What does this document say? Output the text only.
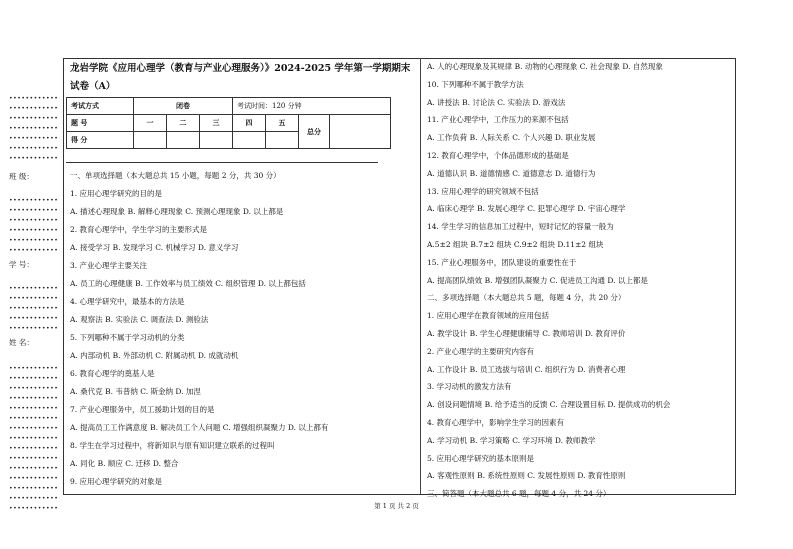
••••••••••••
••••••••••••
••••••••••••
••••••••••••
••••••••••••
••••••••••••
••••••••••••
班 级：
••••••••••••
••••••••••••
••••••••••••
••••••••••••
••••••••••••
••••••••••••
学 号：
••••••••••••
••••••••••••
••••••••••••
••••••••••••
••••••••••••
姓 名：
••••••••••••
••••••••••••
••••••••••••
••••••••••••
••••••••••••
••••••••••••
••••••••••••
••••••••••••
••••••••••••
••••••••••••
••••••••••••
••••••••••••
••••••••••••
••••••••••••
••••••••••••
龙岩学院《应用心理学（教育与产业心理服务）》2024-2025 学年第一学期期末试卷（A）
考试方式	闭卷			考试时间：120 分钟			
题 号	一	二	三	四	五	总分	
得 分							
一、单项选择题（本大题总共 15 小题，每题 2 分，共 30 分）
1. 应用心理学研究的目的是
A. 描述心理现象 B. 解释心理现象 C. 预测心理现象 D. 以上都是
2. 教育心理学中，学生学习的主要形式是
A. 接受学习 B. 发现学习 C. 机械学习 D. 意义学习
3. 产业心理学主要关注
A. 员工的心理健康 B. 工作效率与员工绩效 C. 组织管理 D. 以上都包括
4. 心理学研究中，最基本的方法是
A. 观察法 B. 实验法 C. 调查法 D. 测验法
5. 下列哪种不属于学习动机的分类
A. 内部动机 B. 外部动机 C. 附属动机 D. 成就动机
6. 教育心理学的奠基人是
A. 桑代克 B. 韦普纳 C. 斯金纳 D. 加涅
7. 产业心理服务中，员工援助计划的目的是
A. 提高员工工作满意度 B. 解决员工个人问题 C. 增强组织凝聚力 D. 以上都有
8. 学生在学习过程中，将新知识与原有知识建立联系的过程叫
A. 同化 B. 顺应 C. 迁移 D. 整合
9. 应用心理学研究的对象是
A. 人的心理现象及其规律 B. 动物的心理现象 C. 社会现象 D. 自然现象
10. 下列哪种不属于教学方法
A. 讲授法 B. 讨论法 C. 实验法 D. 游戏法
11. 产业心理学中，工作压力的来源不包括
A. 工作负荷 B. 人际关系 C. 个人兴趣 D. 职业发展
12. 教育心理学中，个体品德形成的基础是
A. 道德认识 B. 道德情感 C. 道德意志 D. 道德行为
13. 应用心理学的研究领域不包括
A. 临床心理学 B. 发展心理学 C. 犯罪心理学 D. 宇宙心理学
14. 学生学习的信息加工过程中，短时记忆的容量一般为
A.5±2 组块 B.7±2 组块 C.9±2 组块 D.11±2 组块
15. 产业心理服务中，团队建设的重要性在于
A. 提高团队绩效 B. 增强团队凝聚力 C. 促进员工沟通 D. 以上都是
二、多项选择题（本大题总共 5 题，每题 4 分，共 20 分）
1. 应用心理学在教育领域的应用包括
A. 教学设计 B. 学生心理健康辅导 C. 教师培训 D. 教育评价
2. 产业心理学的主要研究内容有
A. 工作设计 B. 员工选拔与培训 C. 组织行为 D. 消费者心理
3. 学习动机的激发方法有
A. 创设问题情境 B. 给予适当的反馈 C. 合理设置目标 D. 提供成功的机会
4. 教育心理学中，影响学生学习的因素有
A. 学习动机 B. 学习策略 C. 学习环境 D. 教师教学
5. 应用心理学研究的基本原则是
A. 客观性原则 B. 系统性原则 C. 发展性原则 D. 教育性原则
三、简答题（本大题总共 6 题，每题 4 分，共 24 分）
第 1 页 共 2 页
